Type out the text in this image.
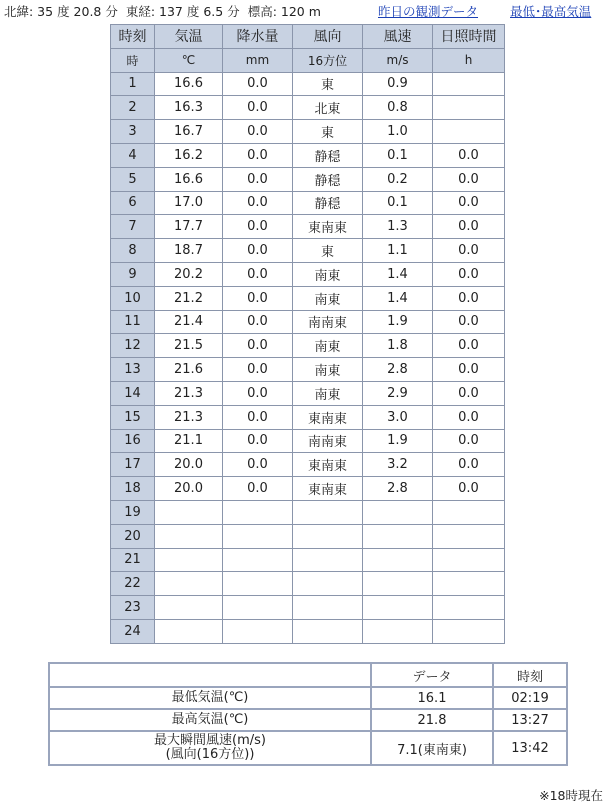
北緯: 35 度 20.8 分 東経: 137 度 6.5 分 標高: 120 m	昨日の観測データ	最低･最高気温
時刻	気温	降水量	風向	風速	日照時間
時	℃	mm	16方位	m/s	h
1	16.6	0.0	東	0.9	
2	16.3	0.0	北東	0.8	
3	16.7	0.0	東	1.0	
4	16.2	0.0	静穏	0.1	0.0
5	16.6	0.0	静穏	0.2	0.0
6	17.0	0.0	静穏	0.1	0.0
7	17.7	0.0	東南東	1.3	0.0
8	18.7	0.0	東	1.1	0.0
9	20.2	0.0	南東	1.4	0.0
10	21.2	0.0	南東	1.4	0.0
11	21.4	0.0	南南東	1.9	0.0
12	21.5	0.0	南東	1.8	0.0
13	21.6	0.0	南東	2.8	0.0
14	21.3	0.0	南東	2.9	0.0
15	21.3	0.0	東南東	3.0	0.0
16	21.1	0.0	南南東	1.9	0.0
17	20.0	0.0	東南東	3.2	0.0
18	20.0	0.0	東南東	2.8	0.0
19					
20					
21					
22					
23					
24					
	データ	時刻

最低気温(℃)	16.1	02:19

最高気温(℃)	21.8	13:27

最大瞬間風速(m/s)
(風向(16方位))	7.1(東南東)	13:42
※18時現在
